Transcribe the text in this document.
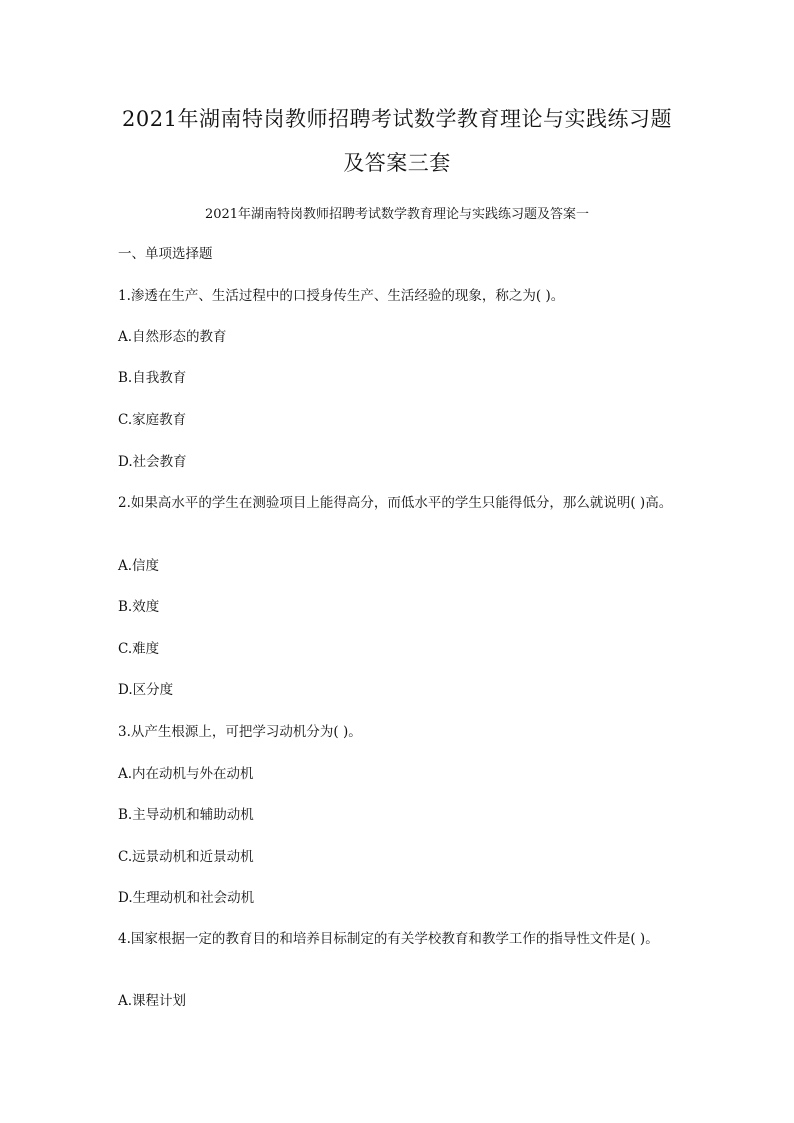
2021年湖南特岗教师招聘考试数学教育理论与实践练习题
及答案三套
2021年湖南特岗教师招聘考试数学教育理论与实践练习题及答案一
一、单项选择题
1.渗透在生产、生活过程中的口授身传生产、生活经验的现象，称之为( )。
A.自然形态的教育
B.自我教育
C.家庭教育
D.社会教育
2.如果高水平的学生在测验项目上能得高分，而低水平的学生只能得低分，那么就说明( )高。
A.信度
B.效度
C.难度
D.区分度
3.从产生根源上，可把学习动机分为( )。
A.内在动机与外在动机
B.主导动机和辅助动机
C.远景动机和近景动机
D.生理动机和社会动机
4.国家根据一定的教育目的和培养目标制定的有关学校教育和教学工作的指导性文件是( )。
A.课程计划
